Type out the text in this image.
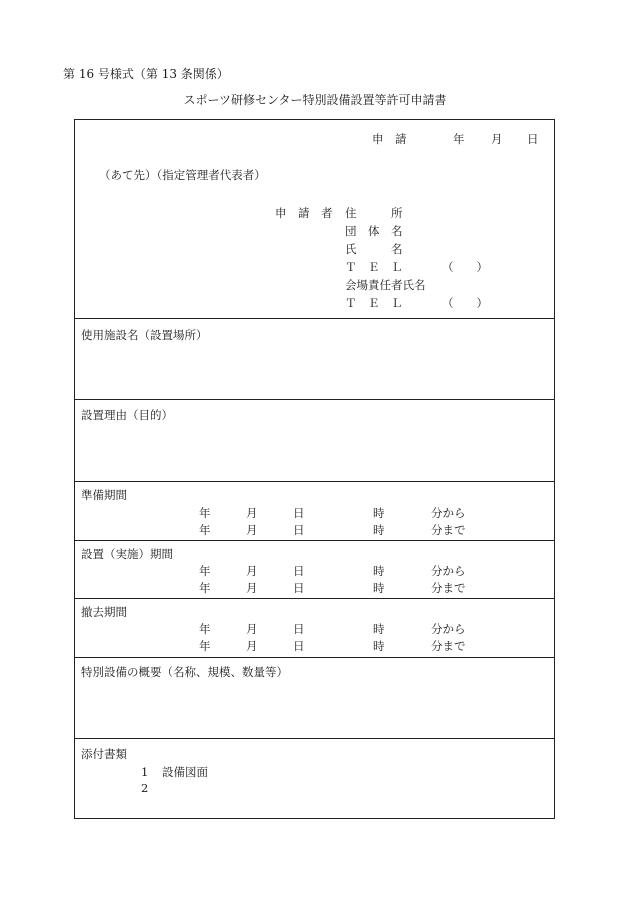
第 16 号様式（第 13 条関係）
スポーツ研修センター特別設備設置等許可申請書
申　請	年 月 日
（あて先）（指定管理者代表者）
申　請　者 住　　　所
団　体　名
氏　　　名
Ｔ　Ｅ　Ｌ	（　　）
会場責任者氏名
Ｔ　Ｅ　Ｌ	（　　）
使用施設名（設置場所）
設置理由（目的）
準備期間
年	月	日	時	分から
年	月	日	時	分まで
設置（実施）期間
年	月	日	時	分から
年	月	日	時	分まで
撤去期間
年	月	日	時	分から
年	月	日	時	分まで
特別設備の概要（名称、規模、数量等）
添付書類
1 設備図面
2
